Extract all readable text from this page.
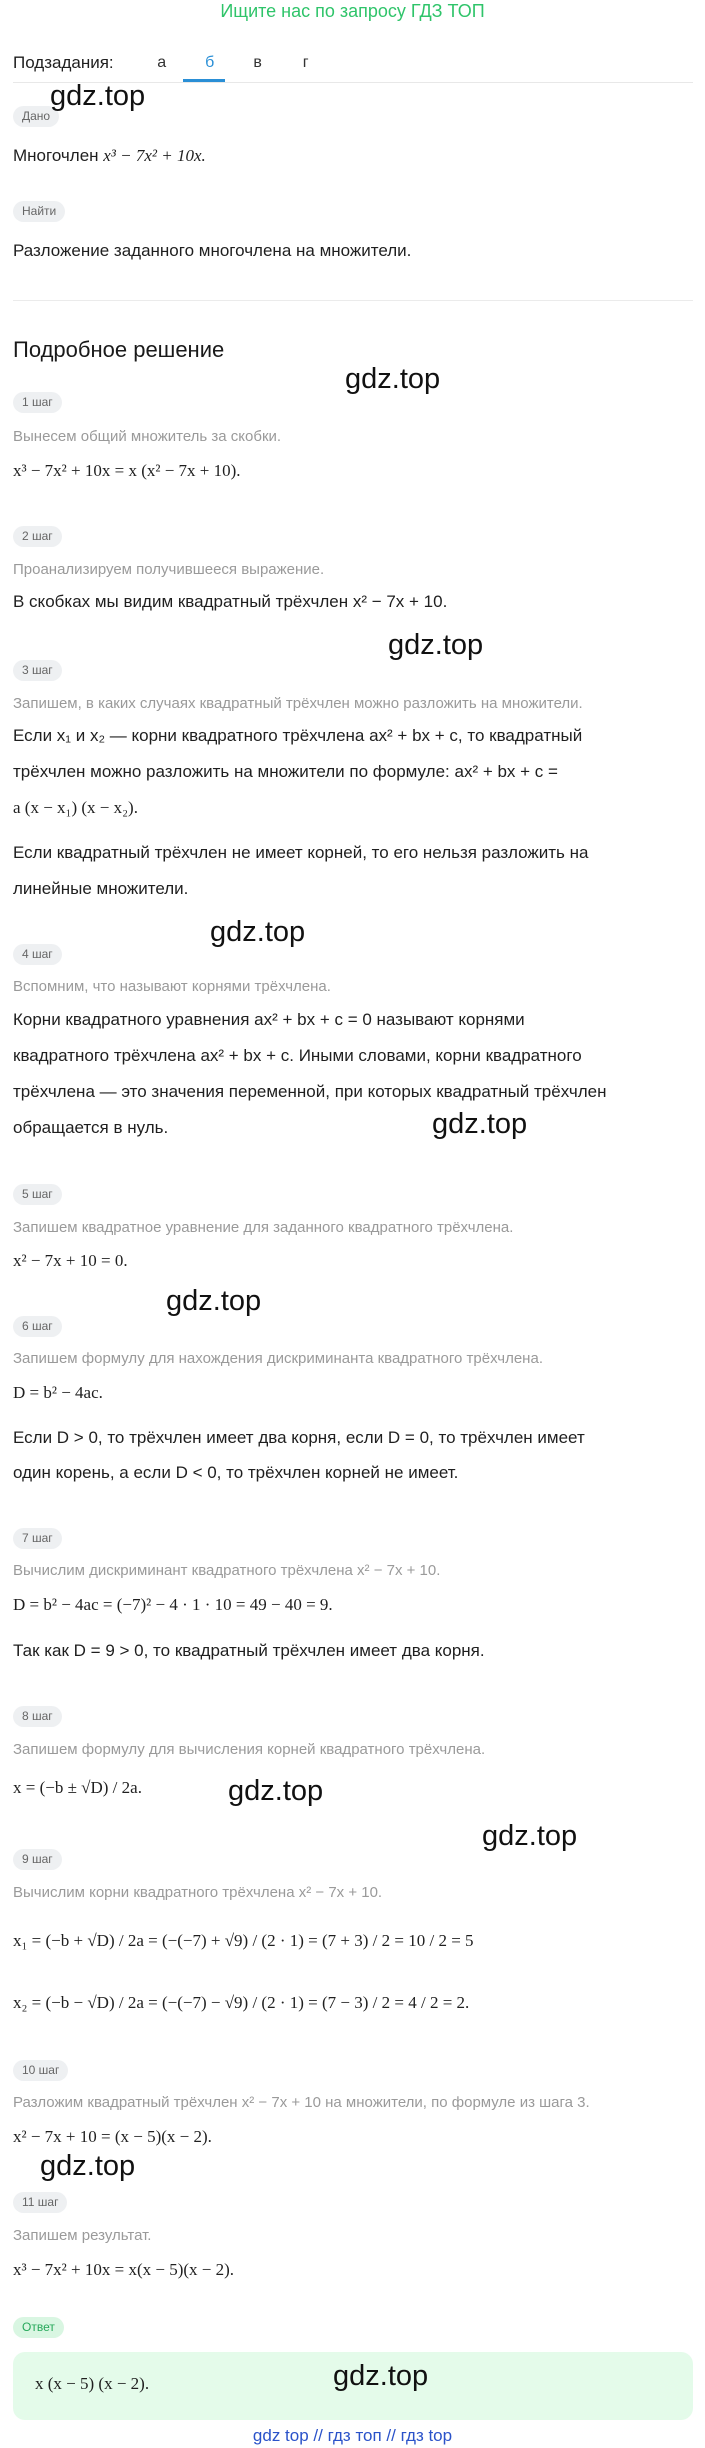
Ищите нас по запросу ГДЗ ТОП
Подзадания:	а	б	в	г
Дано
gdz.top
Многочлен x³ − 7x² + 10x.
Найти
Разложение заданного многочлена на множители.
Подробное решение
gdz.top
1 шаг
Вынесем общий множитель за скобки.
x³ − 7x² + 10x = x (x² − 7x + 10).
2 шаг
Проанализируем получившееся выражение.
В скобках мы видим квадратный трёхчлен x² − 7x + 10.
gdz.top
3 шаг
Запишем, в каких случаях квадратный трёхчлен можно разложить на множители.
Если x₁ и x₂ — корни квадратного трёхчлена ax² + bx + c, то квадратный
трёхчлен можно разложить на множители по формуле: ax² + bx + c =
a (x − x₁) (x − x₂).
Если квадратный трёхчлен не имеет корней, то его нельзя разложить на
линейные множители.
gdz.top
4 шаг
Вспомним, что называют корнями трёхчлена.
Корни квадратного уравнения ax² + bx + c = 0 называют корнями
квадратного трёхчлена ax² + bx + c. Иными словами, корни квадратного
трёхчлена — это значения переменной, при которых квадратный трёхчлен
обращается в нуль.	gdz.top
5 шаг
Запишем квадратное уравнение для заданного квадратного трёхчлена.
x² − 7x + 10 = 0.
gdz.top
6 шаг
Запишем формулу для нахождения дискриминанта квадратного трёхчлена.
D = b² − 4ac.
Если D > 0, то трёхчлен имеет два корня, если D = 0, то трёхчлен имеет
один корень, а если D < 0, то трёхчлен корней не имеет.
7 шаг
Вычислим дискриминант квадратного трёхчлена x² − 7x + 10.
D = b² − 4ac = (−7)² − 4 · 1 · 10 = 49 − 40 = 9.
Так как D = 9 > 0, то квадратный трёхчлен имеет два корня.
8 шаг
Запишем формулу для вычисления корней квадратного трёхчлена.
x = (−b ± √D) / 2a.	gdz.top
gdz.top
9 шаг
Вычислим корни квадратного трёхчлена x² − 7x + 10.
x₁ = (−b + √D) / 2a = (−(−7) + √9) / (2 · 1) = (7 + 3) / 2 = 10 / 2 = 5
x₂ = (−b − √D) / 2a = (−(−7) − √9) / (2 · 1) = (7 − 3) / 2 = 4 / 2 = 2.
10 шаг
Разложим квадратный трёхчлен x² − 7x + 10 на множители, по формуле из шага 3.
x² − 7x + 10 = (x − 5)(x − 2).
gdz.top
11 шаг
Запишем результат.
x³ − 7x² + 10x = x(x − 5)(x − 2).
Ответ
x (x − 5) (x − 2).	gdz.top
gdz top // гдз топ // гдз top
